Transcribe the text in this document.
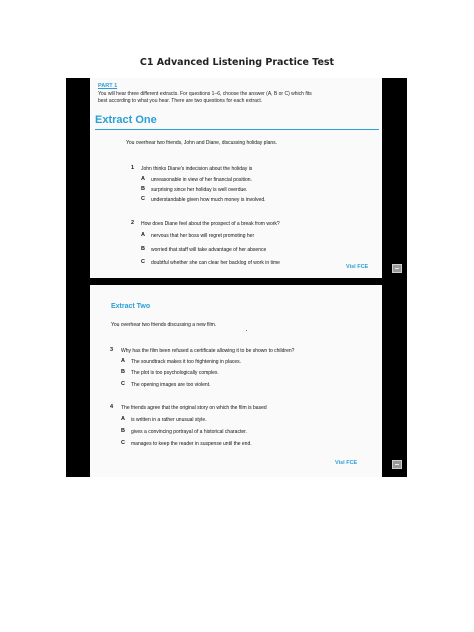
C1 Advanced Listening Practice Test
PART 1
You will hear three different extracts. For questions 1–6, choose the answer (A, B or C) which fits best according to what you hear. There are two questions for each extract.
Extract One
You overhear two friends, John and Diane, discussing holiday plans.
1 John thinks Diane's indecision about the holiday is
A unreasonable in view of her financial position.
B surprising since her holiday is well overdue.
C understandable given how much money is involved.
2 How does Diane feel about the prospect of a break from work?
A nervous that her boss will regret promoting her
B worried that staff will take advantage of her absence
C doubtful whether she can clear her backlog of work in time
Visl FCE
Extract Two
You overhear two friends discussing a new film.
3 Why has the film been refused a certificate allowing it to be shown to children?
A The soundtrack makes it too frightening in places.
B The plot is too psychologically complex.
C The opening images are too violent.
4 The friends agree that the original story on which the film is based
A is written in a rather unusual style.
B gives a convincing portrayal of a historical character.
C manages to keep the reader in suspense until the end.
Visl FCE
